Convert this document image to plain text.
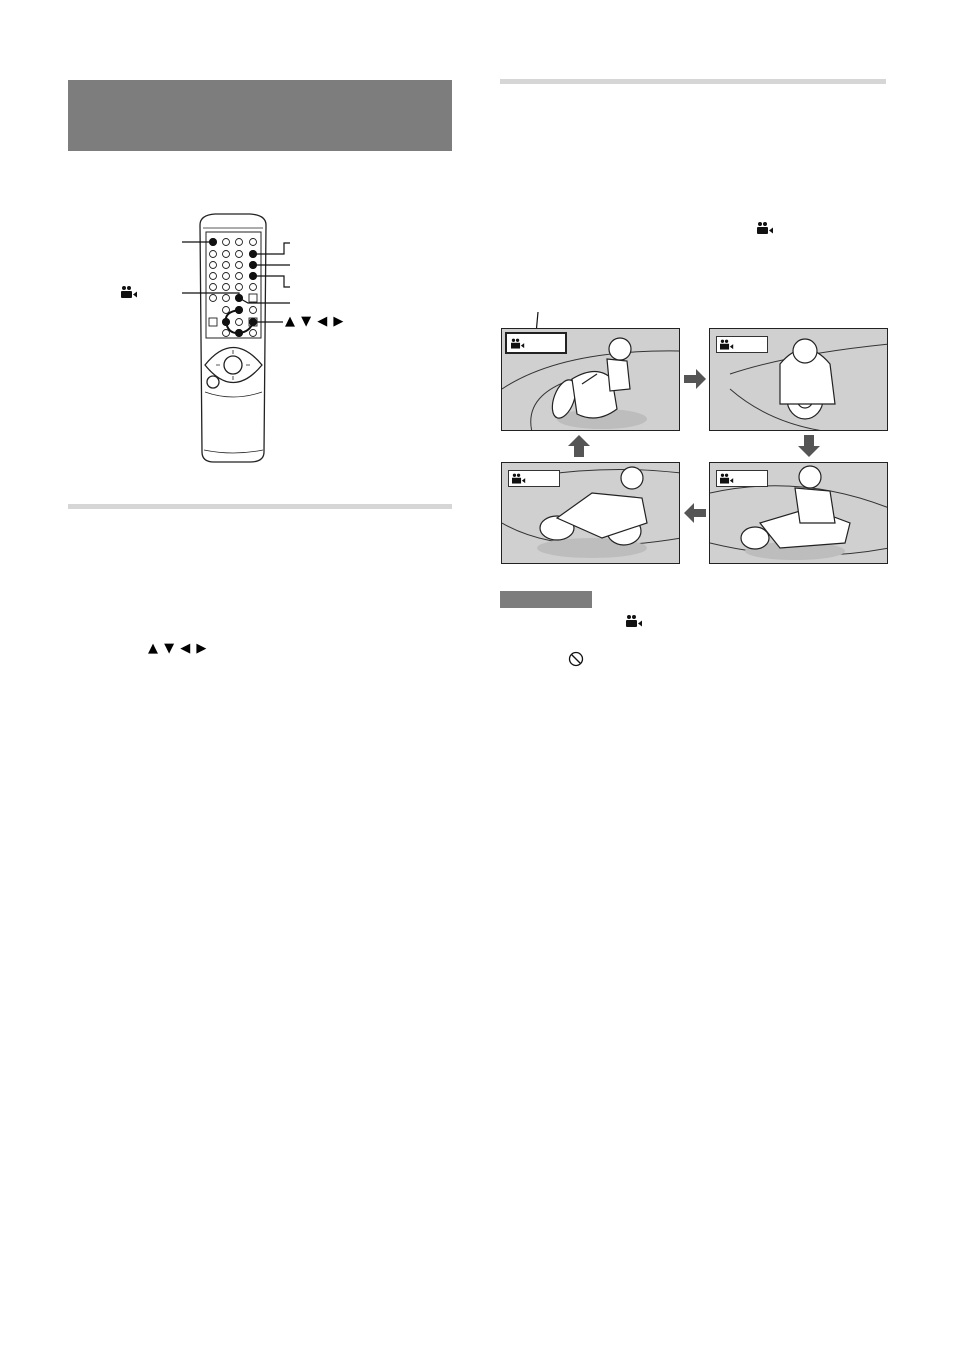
▲ ▼ ◀ ▶
▲ ▼ ◀ ▶
